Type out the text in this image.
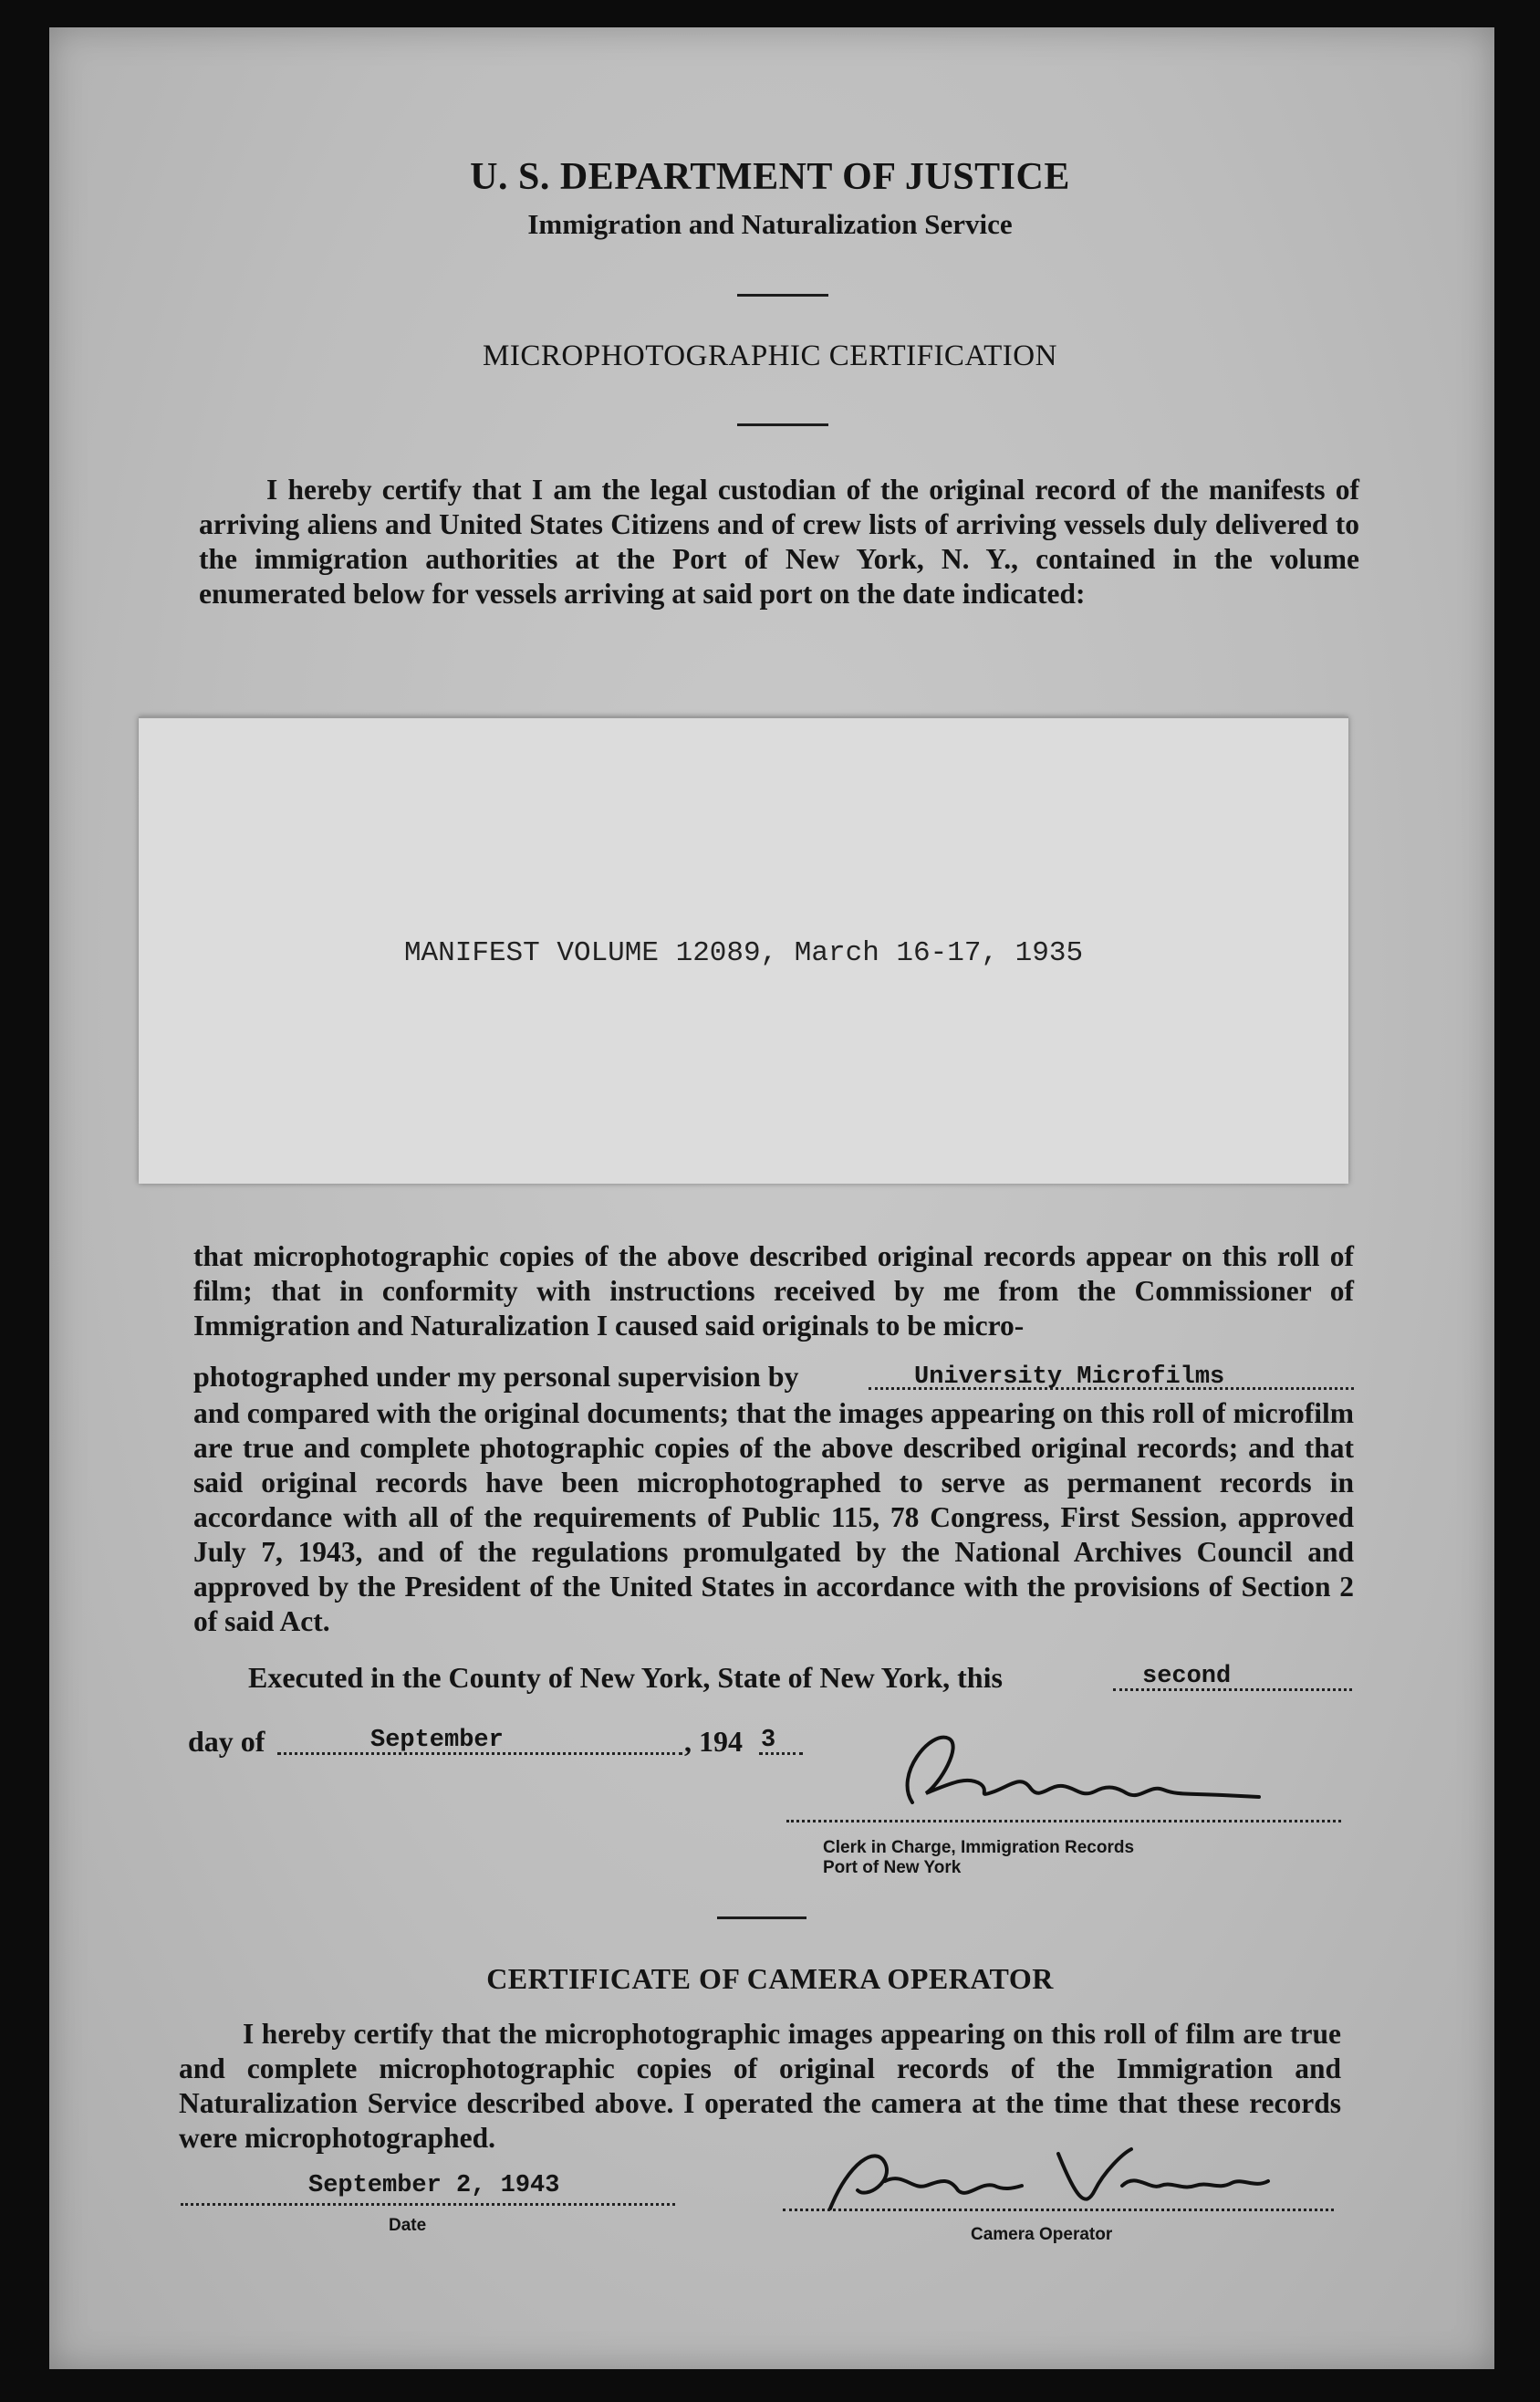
U. S. DEPARTMENT OF JUSTICE
Immigration and Naturalization Service
MICROPHOTOGRAPHIC CERTIFICATION

I hereby certify that I am the legal custodian of the original record of the manifests of arriving aliens and United States Citizens and of crew lists of arriving vessels duly delivered to the immigration authorities at the Port of New York, N. Y., contained in the volume enumerated below for vessels arriving at said port on the date indicated:

MANIFEST VOLUME 12089, March 16-17, 1935
that microphotographic copies of the above described original records appear on this roll of film; that in conformity with instructions received by me from the Commissioner of Immigration and Naturalization I caused said originals to be micro-
photographed under my personal supervision by	University Microfilms
and compared with the original documents; that the images appearing on this roll of microfilm are true and complete photographic copies of the above described original records; and that said original records have been microphotographed to serve as permanent records in accordance with all of the requirements of Public 115, 78 Congress, First Session, approved July 7, 1943, and of the regulations promulgated by the National Archives Council and approved by the President of the United States in accordance with the provisions of Section 2 of said Act.
Executed in the County of New York, State of New York, this	second
day of	September	, 194 3
Clerk in Charge, Immigration Records
Port of New York
CERTIFICATE OF CAMERA OPERATOR

I hereby certify that the microphotographic images appearing on this roll of film are true and complete microphotographic copies of original records of the Immigration and Naturalization Service described above. I operated the camera at the time that these records were microphotographed.

September 2, 1943
Date	Camera Operator
